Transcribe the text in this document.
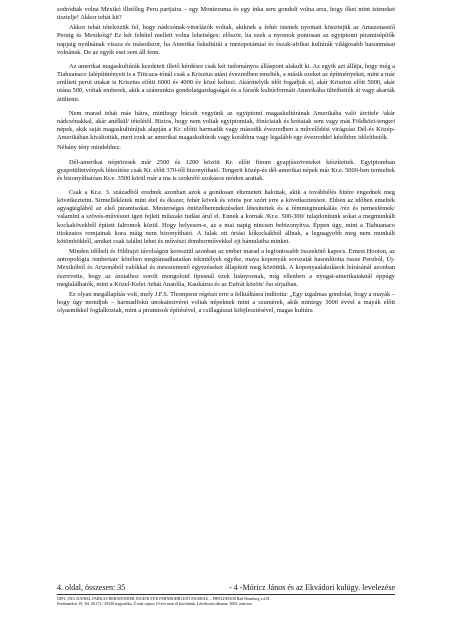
sodródtak volna Mexikó illetőleg Peru partjaira – egy Montezuma és egy inka sem gondolt volna arra, hogy őket mint isteneket tisztelje! Akkor tehát kit?

Akkor tehát tételezzük fel, hogy nádcsónak-vitorlázók voltak, akiknek a fehér istenek nyomait köszönjük az Amazonastól Peruig és Mexikóig? Ez két feltétel mellett volna lehetséges: először, ha ezek a nyomok pontosan az egyiptomi piramisépítők napjaig nyúlnának vissza és másodszor, ha Amerika őskultúrái a mezopotámiai és észak-afrikai kultúrák világosabb hasonmásai volnának. De az egyik eset sem áll fenn.

Az amerikai magaskultúrák kezdeteit illető kérdésre csak két tudományos álláspont alakult ki. Az egyik azt állítja, hogy még a Tiahuanaco falépítményeit is a Titicaca-tónál csak a Krisztus utáni évezredben emelték, a másik ezeket az építményeket, mint a már említett perui utakat is Krisztus előtti 6000 és 4000 év közé keltezi. Akármelyik időt fogadjuk el, akár Krisztus előtt 5000, akár utána 500, voltak emberek, akik a számunkra gondolatgazdagságát és a fáraók kultúrformáit Amerikába ültethették át vagy akarták átültetni.

Nem marad tehát más hátra, minthogy búcsút vegyünk az egyiptomi magaskultúrának Amerikába való átvitele /akár nádcsónakkal, akár anélkül/ tételétől. Biztos, hogy nem voltak egyiptomiak, föníciaiak és krétaiak sem vagy más Földközi-tengeri népek, akik saját magaskultúrájuk alapján a Kr. előtti harmadik vagy második évezredben a művelődési virágzást Dél-és Közép-Amerikában kiváltották, mert ezek az amerikai magaskultúrák vagy korábbra vagy legalább egy évezreddel későbbre időzíthetők.

Néhány tény mindehhez:

Dél-amerikai néptörzsek már 2500 és 1200 között Kr. előtt finom gyapjúszöveteket készítettek. Egyiptomban gyapotültetvények létesítése csak Kr. előtt 370-től bizonyítható. Tengerit közép-és dél-amerikai népek már Kr.e. 5000-ben termeltek és bizonyíthatóan Kr.e. 3500 körül már a ma is szokréfé szokásos módon arattak.

Csak a Kr.e. 3. századból erednek azonban azok a gondosan eltemetett halottak, akik a továbbélés hitére engednek meg következtetni. Sírmellékletek mint étel és ékszer, fehér kövek és vörös por szórt erre a következtetésre. Ebben az időben emelték agyagtéglából az első piramisokat. Mesterséges öntözőberendezéseket létesítettek és a fémmegmunkálás /réz és nemesfémek/ valamint a szövés-művészet igen fejlett műszaki tudást árul el. Ennek a kornak /Kr.e. 500-300/ tulajdonítunk sokat a megmunkált kockakövekből épített falromok közül. Hogy helyesen-e, az a mai napig nincsen bebizonyítva. Éppen úgy, mint a Tiahuanaco titokzatos romjainak kora máig nem bizonyítható. A falak ott óriási kőkockákból állnak, a legnagyobb meg nem munkált kötömbökből, amiket csak találni lehet és művészi domborművekkel ejt bámulatba minket.

Minden időbeli és földrajzi távolságon keresztül azonban az ember marad a legfontosabb összekötő kapocs. Ernest Hooton, az antropológia /embertan/ körében megtámadhatatlan tekintélyek egyike, maya koponyák sorozatát hasonlította össze Peruból, Új-Mexikóból és Arizonából valókkal és messzemenő egyezéseket állapított meg közöttük. A koponyaalakulások leírásánál azonban észrevette, hogy az ázsiaihoz sorolt mongoloid típusnál ezek hiányoznak, míg ellenben a nyugat-amerikaiaknál éppúgy megtalálhatók, mint a Közel-Kelet /tehát Anatólia, Kaukázus és az Eufrát között/ ősi sírjaiban.

Ez olyan megállapítás volt, mely J.F.S. Thompson régészt erre a felkiáltásra indította: „Egy izgalmas gondolat, hogy a mayák – hogy úgy mondjuk – harmadfokú unokatestvérei voltak népeknek mint a szumérek, akik mintegy 3000 évvel a mayák előtt olyasmikkel foglalkoztak, mint a piramisok építésével, a csillagászat kifejlesztésével, magas kultúra

4. oldal, összesen: 35	- 4 -Móricz János és az Ekvádori kulügy. levelezése
DIPL.-ING DANIEL FARKAS BERATENDER INGENI FÜR FERNROHRLEITUNGSBAU – PIPELINE638 Bad Homburg v.d.H.
Ferdinandstr 19, Tel. 06172 / 29330 hagyatéka. Ó már sajnos 10 éve nem él közöttünk. Létrehozás dátuma: 2003. március
